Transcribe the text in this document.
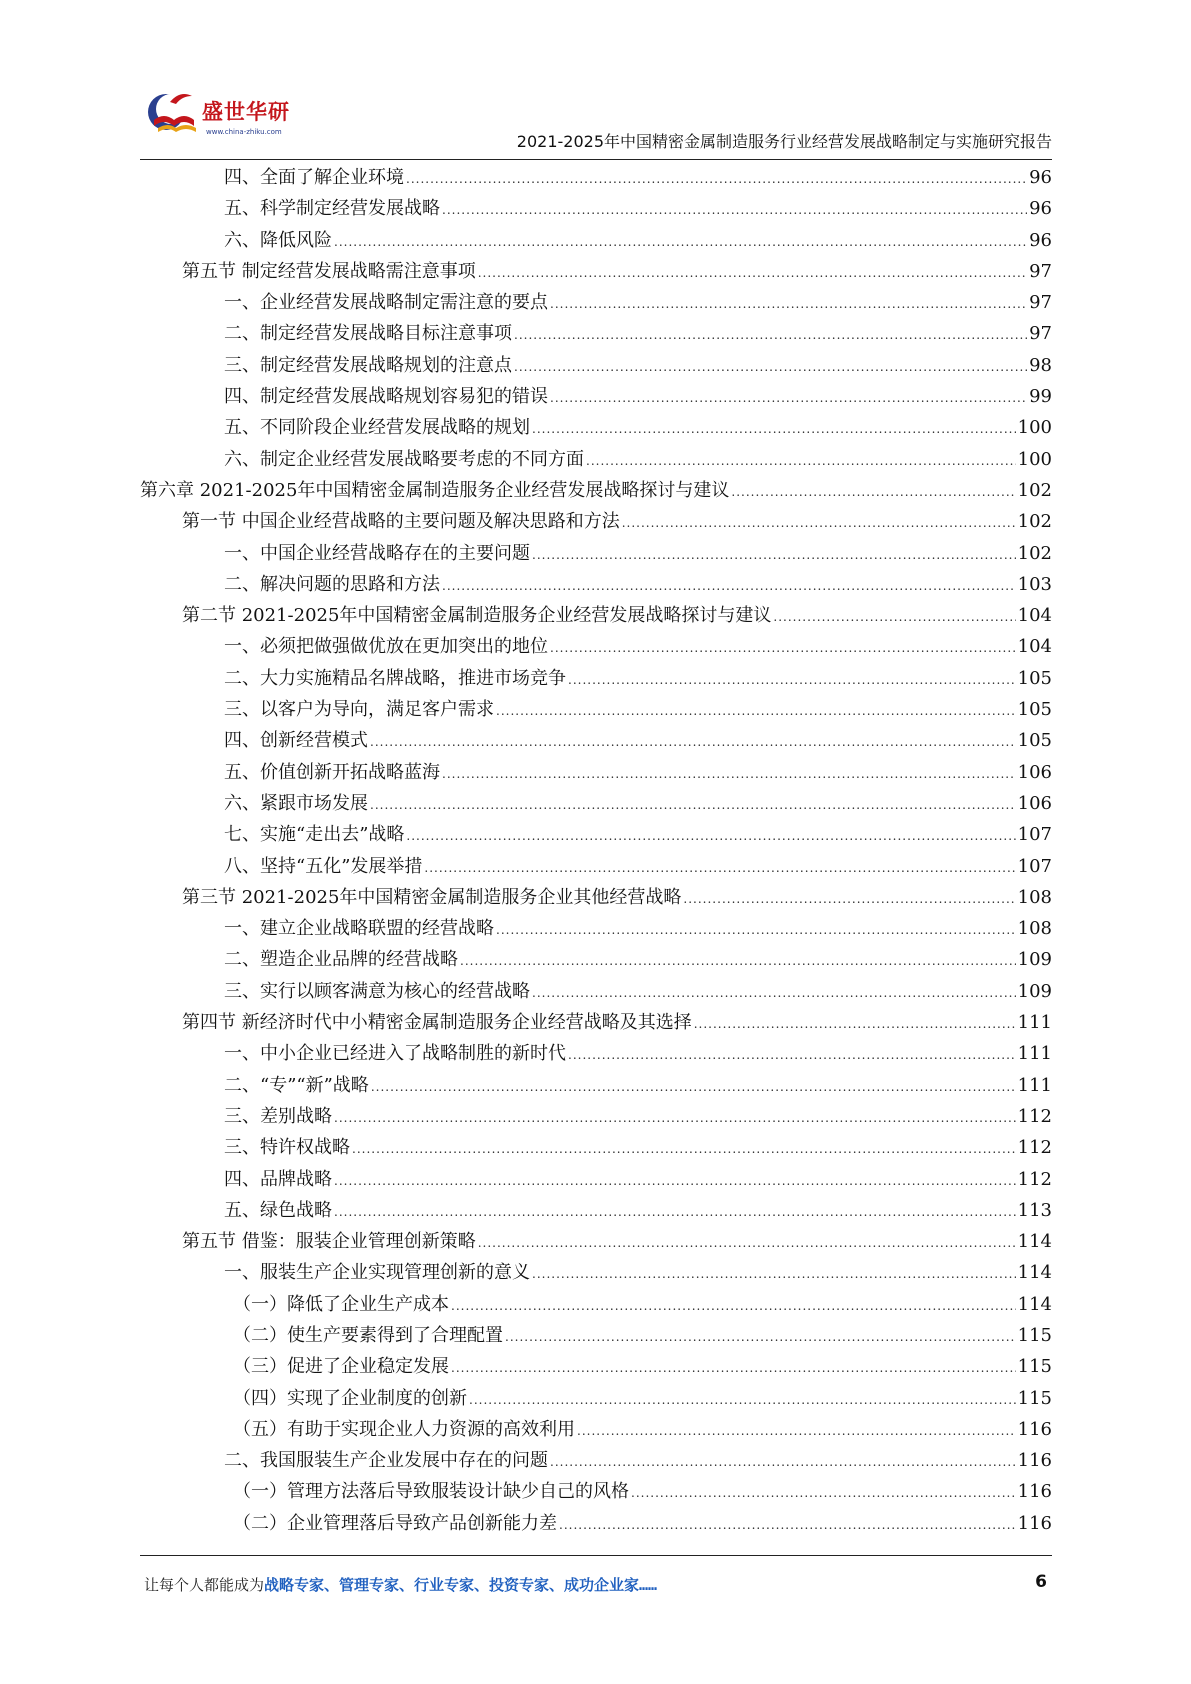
盛世华研
www.china-zhiku.com	2021-2025年中国精密金属制造服务行业经营发展战略制定与实施研究报告
四、全面了解企业环境 .....	96
五、科学制定经营发展战略 .....	96
六、降低风险 .....	96
第五节 制定经营发展战略需注意事项 .....	97
一、企业经营发展战略制定需注意的要点 .....	97
二、制定经营发展战略目标注意事项 .....	97
三、制定经营发展战略规划的注意点 .....	98
四、制定经营发展战略规划容易犯的错误 .....	99
五、不同阶段企业经营发展战略的规划 .....	100
六、制定企业经营发展战略要考虑的不同方面 .....	100
第六章 2021-2025年中国精密金属制造服务企业经营发展战略探讨与建议 .....	102
第一节 中国企业经营战略的主要问题及解决思路和方法 .....	102
一、中国企业经营战略存在的主要问题 .....	102
二、解决问题的思路和方法 .....	103
第二节 2021-2025年中国精密金属制造服务企业经营发展战略探讨与建议 .....	104
一、必须把做强做优放在更加突出的地位 .....	104
二、大力实施精品名牌战略，推进市场竞争 .....	105
三、以客户为导向，满足客户需求 .....	105
四、创新经营模式 .....	105
五、价值创新开拓战略蓝海 .....	106
六、紧跟市场发展 .....	106
七、实施“走出去”战略 .....	107
八、坚持“五化”发展举措 .....	107
第三节 2021-2025年中国精密金属制造服务企业其他经营战略 .....	108
一、建立企业战略联盟的经营战略 .....	108
二、塑造企业品牌的经营战略 .....	109
三、实行以顾客满意为核心的经营战略 .....	109
第四节 新经济时代中小精密金属制造服务企业经营战略及其选择 .....	111
一、中小企业已经进入了战略制胜的新时代 .....	111
二、“专”“新”战略 .....	111
三、差别战略 .....	112
三、特许权战略 .....	112
四、品牌战略 .....	112
五、绿色战略 .....	113
第五节 借鉴：服装企业管理创新策略 .....	114
一、服装生产企业实现管理创新的意义 .....	114
（一）降低了企业生产成本 .....	114
（二）使生产要素得到了合理配置 .....	115
（三）促进了企业稳定发展 .....	115
（四）实现了企业制度的创新 .....	115
（五）有助于实现企业人力资源的高效利用 .....	116
二、我国服装生产企业发展中存在的问题 .....	116
（一）管理方法落后导致服装设计缺少自己的风格 .....	116
（二）企业管理落后导致产品创新能力差 .....	116
让每个人都能成为战略专家、管理专家、行业专家、投资专家、成功企业家……	6
